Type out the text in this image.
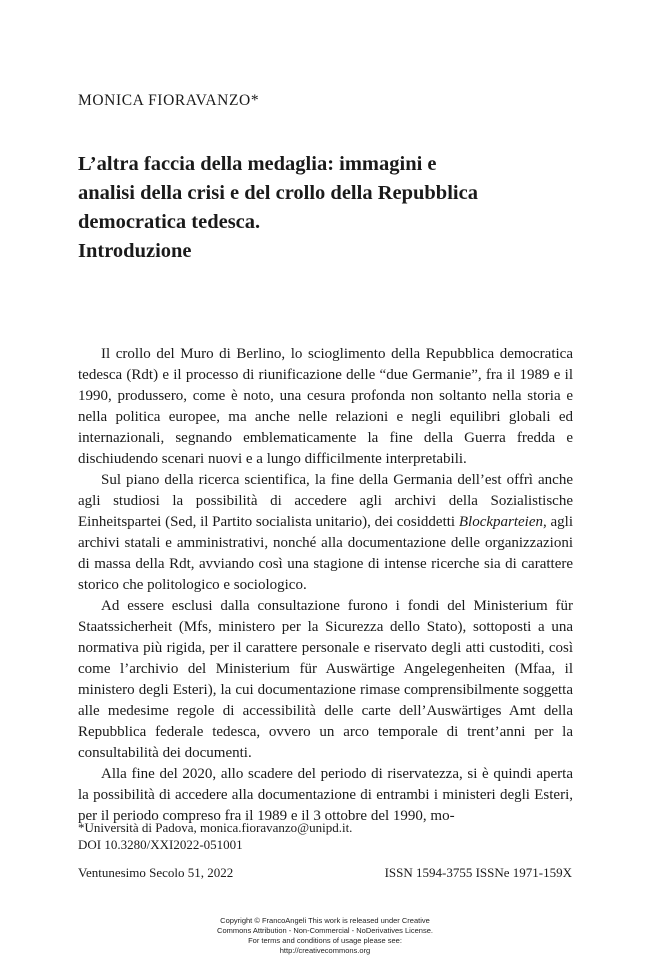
MONICA FIORAVANZO*
L’altra faccia della medaglia: immagini e
analisi della crisi e del crollo della Repubblica
democratica tedesca.
Introduzione

Il crollo del Muro di Berlino, lo scioglimento della Repubblica democratica tedesca (Rdt) e il processo di riunificazione delle “due Germanie”, fra il 1989 e il 1990, produssero, come è noto, una cesura profonda non soltanto nella storia e nella politica europee, ma anche nelle relazioni e negli equilibri globali ed internazionali, segnando emblematicamente la fine della Guerra fredda e dischiudendo scenari nuovi e a lungo difficilmente interpretabili.

Sul piano della ricerca scientifica, la fine della Germania dell’est offrì anche agli studiosi la possibilità di accedere agli archivi della Sozialistische Einheitspartei (Sed, il Partito socialista unitario), dei cosiddetti Blockparteien, agli archivi statali e amministrativi, nonché alla documentazione delle organizzazioni di massa della Rdt, avviando così una stagione di intense ricerche sia di carattere storico che politologico e sociologico.

Ad essere esclusi dalla consultazione furono i fondi del Ministerium für Staatssicherheit (Mfs, ministero per la Sicurezza dello Stato), sottoposti a una normativa più rigida, per il carattere personale e riservato degli atti custoditi, così come l’archivio del Ministerium für Auswärtige Angelegenheiten (Mfaa, il ministero degli Esteri), la cui documentazione rimase comprensibilmente soggetta alle medesime regole di accessibilità delle carte dell’Auswärtiges Amt della Repubblica federale tedesca, ovvero un arco temporale di trent’anni per la consultabilità dei documenti.

Alla fine del 2020, allo scadere del periodo di riservatezza, si è quindi aperta la possibilità di accedere alla documentazione di entrambi i ministeri degli Esteri, per il periodo compreso fra il 1989 e il 3 ottobre del 1990, mo-

*Università di Padova, monica.fioravanzo@unipd.it.
DOI 10.3280/XXI2022-051001
Ventunesimo Secolo 51, 2022	ISSN 1594-3755 ISSNe 1971-159X
Copyright © FrancoAngeli This work is released under Creative
Commons Attribution - Non-Commercial - NoDerivatives License.
For terms and conditions of usage please see:
http://creativecommons.org
